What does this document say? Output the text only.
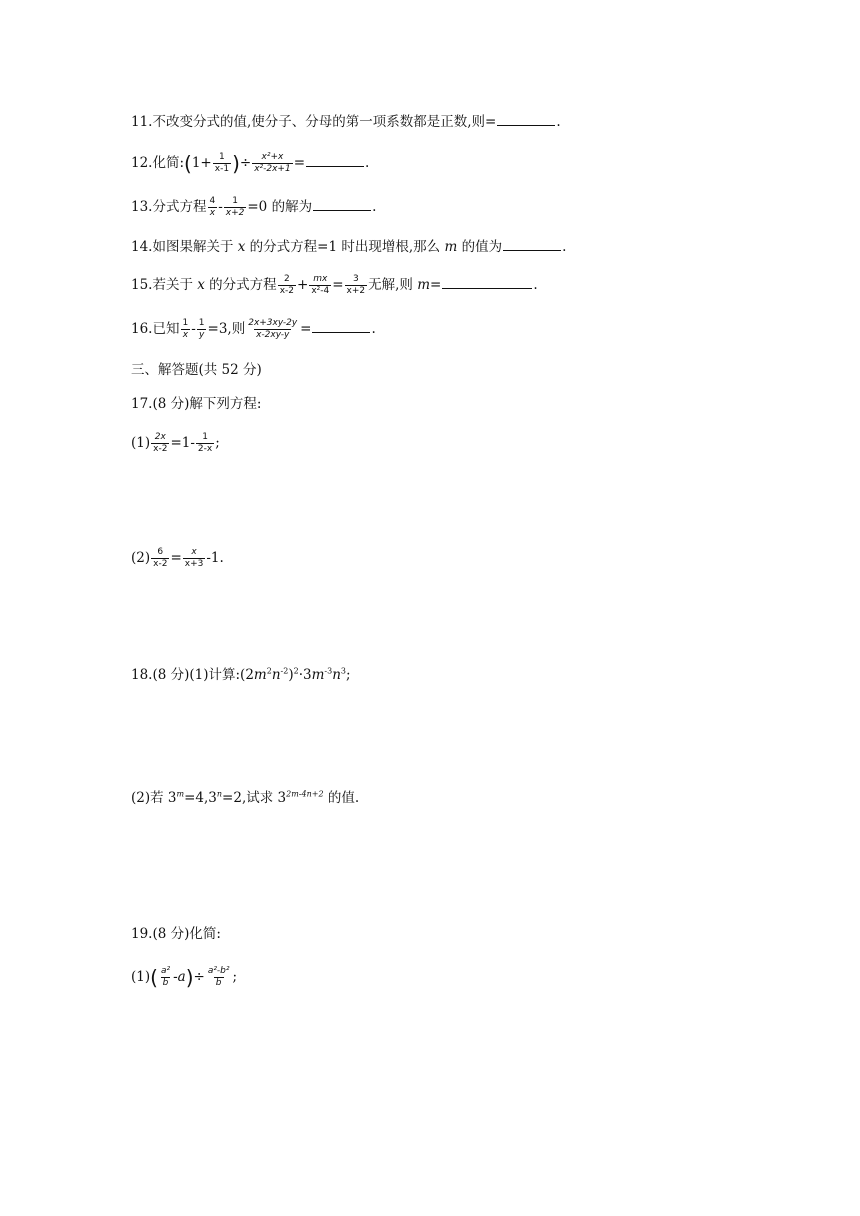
11.不改变分式的值,使分子、分母的第一项系数都是正数,则=	.
12.化简:(1+ $\frac{1}{x-1}$ )÷ $\frac{\text{x²+x}}{\text{x²-2x+1}}$ =	.
13.分式方程 $\frac{4}{x} - \frac{1}{x+2} =0$ 的解为	.
14.如图果解关于 x 的分式方程=1 时出现增根,那么 m 的值为	.
15.若关于 x 的分式方程 $\frac{2}{x-2} + \frac{mx}{\text{x²-4}} = \frac{3}{x+2}$ 无解,则 m=	.
16.已知 $\frac{1}{x} - \frac{1}{y} =3$,则 $\frac{2x+3xy-2y}{x-2xy-y}$ =	.
三、解答题(共 52 分)
17.(8 分)解下列方程:
$(1) \frac{2x}{x-2} =1- \frac{1}{2-x}$ ;
$(2) \frac{6}{x-2} = \frac{x}{x+3} -1$.
18.(8 分)(1)计算$:(2m^2n^{-2})^2\cdot 3m^{-3}n^3$;
(2)若 $3^m=4,3^n=2$,试求 $3^{2m-4n+2}$ 的值.
19.(8 分)化简:
$(1)( \frac{\text{a²}}{b} -a)\div \frac{\text{a²-b²}}{b}$ ;
